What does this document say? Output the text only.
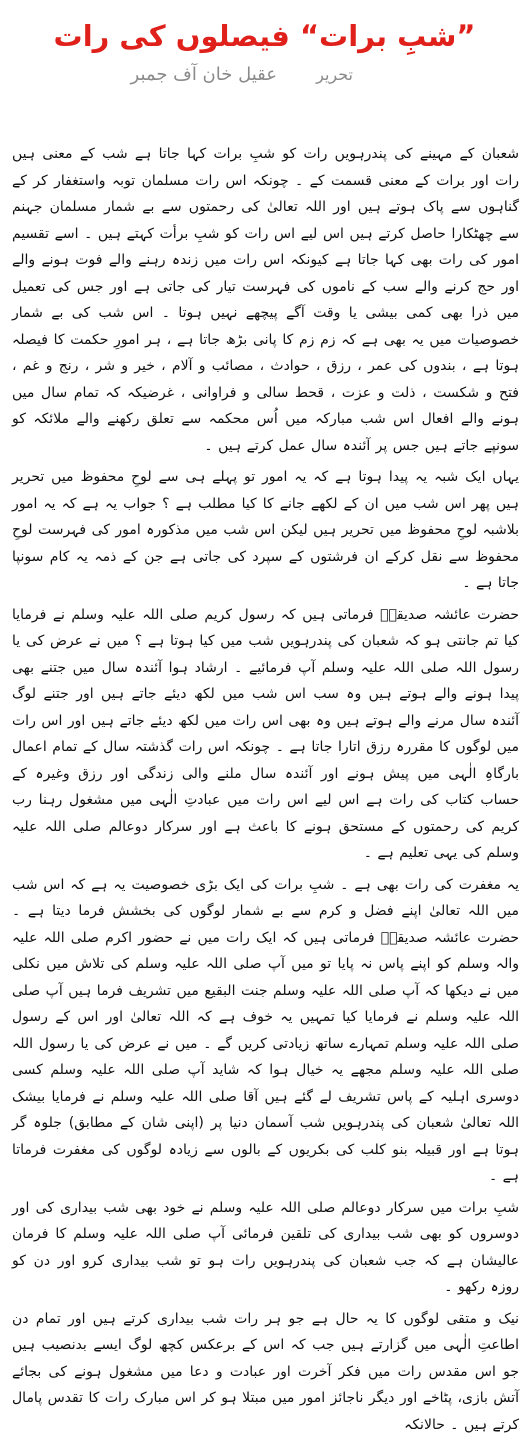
”شبِ برات“ فیصلوں کی رات
تحریر عقیل خان آف جمبر

شعبان کے مہینے کی پندرہویں رات کو شبِ برات کہا جاتا ہے شب کے معنی ہیں رات اور برات کے معنی قسمت کے ۔ چونکہ اس رات مسلمان توبہ واستغفار کر کے گناہوں سے پاک ہوتے ہیں اور اللہ تعالیٰ کی رحمتوں سے بے شمار مسلمان جہنم سے چھٹکارا حاصل کرتے ہیں اس لیے اس رات کو شبِ برأت کہتے ہیں ۔ اسے تقسیم امور کی رات بھی کہا جاتا ہے کیونکہ اس رات میں زندہ رہنے والے فوت ہونے والے اور حج کرنے والے سب کے ناموں کی فہرست تیار کی جاتی ہے اور جس کی تعمیل میں ذرا بھی کمی بیشی یا وقت آگے پیچھے نہیں ہوتا ۔ اس شب کی بے شمار خصوصیات میں یہ بھی ہے کہ زم زم کا پانی بڑھ جاتا ہے ، ہر امورِ حکمت کا فیصلہ ہوتا ہے ، بندوں کی عمر ، رزق ، حوادث ، مصائب و آلام ، خیر و شر ، رنج و غم ، فتح و شکست ، ذلت و عزت ، قحط سالی و فراوانی ، غرضیکہ کہ تمام سال میں ہونے والے افعال اس شب مبارکہ میں اُس محکمہ سے تعلق رکھنے والے ملائکہ کو سونپے جاتے ہیں جس پر آئندہ سال عمل کرتے ہیں ۔

یہاں ایک شبہ یہ پیدا ہوتا ہے کہ یہ امور تو پہلے ہی سے لوحِ محفوظ میں تحریر ہیں پھر اس شب میں ان کے لکھے جانے کا کیا مطلب ہے ؟ جواب یہ ہے کہ یہ امور بلاشبہ لوحِ محفوظ میں تحریر ہیں لیکن اس شب میں مذکورہ امور کی فہرست لوحِ محفوظ سے نقل کرکے ان فرشتوں کے سپرد کی جاتی ہے جن کے ذمہ یہ کام سونپا جاتا ہے ۔

حضرت عائشہ صدیقہؓ فرماتی ہیں کہ رسول کریم صلی اللہ علیہ وسلم نے فرمایا کیا تم جانتی ہو کہ شعبان کی پندرہویں شب میں کیا ہوتا ہے ؟ میں نے عرض کی یا رسول اللہ صلی اللہ علیہ وسلم آپ فرمائیے ۔ ارشاد ہوا آئندہ سال میں جتنے بھی پیدا ہونے والے ہوتے ہیں وہ سب اس شب میں لکھ دیئے جاتے ہیں اور جتنے لوگ آئندہ سال مرنے والے ہوتے ہیں وہ بھی اس رات میں لکھ دیئے جاتے ہیں اور اس رات میں لوگوں کا مقررہ رزق اتارا جاتا ہے ۔ چونکہ اس رات گذشتہ سال کے تمام اعمال بارگاہِ الٰہی میں پیش ہونے اور آئندہ سال ملنے والی زندگی اور رزق وغیرہ کے حساب کتاب کی رات ہے اس لیے اس رات میں عبادتِ الٰہی میں مشغول رہنا رب کریم کی رحمتوں کے مستحق ہونے کا باعث ہے اور سرکار دوعالم صلی اللہ علیہ وسلم کی یہی تعلیم ہے ۔

یہ مغفرت کی رات بھی ہے ۔ شبِ برات کی ایک بڑی خصوصیت یہ ہے کہ اس شب میں اللہ تعالیٰ اپنے فضل و کرم سے بے شمار لوگوں کی بخشش فرما دیتا ہے ۔ حضرت عائشہ صدیقہؓ فرماتی ہیں کہ ایک رات میں نے حضور اکرم صلی اللہ علیہ والہ وسلم کو اپنے پاس نہ پایا تو میں آپ صلی اللہ علیہ وسلم کی تلاش میں نکلی میں نے دیکھا کہ آپ صلی اللہ علیہ وسلم جنت البقیع میں تشریف فرما ہیں آپ صلی اللہ علیہ وسلم نے فرمایا کیا تمہیں یہ خوف ہے کہ اللہ تعالیٰ اور اس کے رسول صلی اللہ علیہ وسلم تمہارے ساتھ زیادتی کریں گے ۔ میں نے عرض کی یا رسول اللہ صلی اللہ علیہ وسلم مجھے یہ خیال ہوا کہ شاید آپ صلی اللہ علیہ وسلم کسی دوسری اہلیہ کے پاس تشریف لے گئے ہیں آقا صلی اللہ علیہ وسلم نے فرمایا بیشک اللہ تعالیٰ شعبان کی پندرہویں شب آسمان دنیا پر (اپنی شان کے مطابق) جلوہ گر ہوتا ہے اور قبیلہ بنو کلب کی بکریوں کے بالوں سے زیادہ لوگوں کی مغفرت فرماتا ہے ۔

شبِ برات میں سرکار دوعالم صلی اللہ علیہ وسلم نے خود بھی شب بیداری کی اور دوسروں کو بھی شب بیداری کی تلقین فرمائی آپ صلی اللہ علیہ وسلم کا فرمان عالیشان ہے کہ جب شعبان کی پندرہویں رات ہو تو شب بیداری کرو اور دن کو روزہ رکھو ۔

نیک و متقی لوگوں کا یہ حال ہے جو ہر رات شب بیداری کرتے ہیں اور تمام دن اطاعتِ الٰہی میں گزارتے ہیں جب کہ اس کے برعکس کچھ لوگ ایسے بدنصیب ہیں جو اس مقدس رات میں فکر آخرت اور عبادت و دعا میں مشغول ہونے کی بجائے آتش بازی، پٹاخے اور دیگر ناجائز امور میں مبتلا ہو کر اس مبارک رات کا تقدس پامال کرتے ہیں ۔ حالانکہ
